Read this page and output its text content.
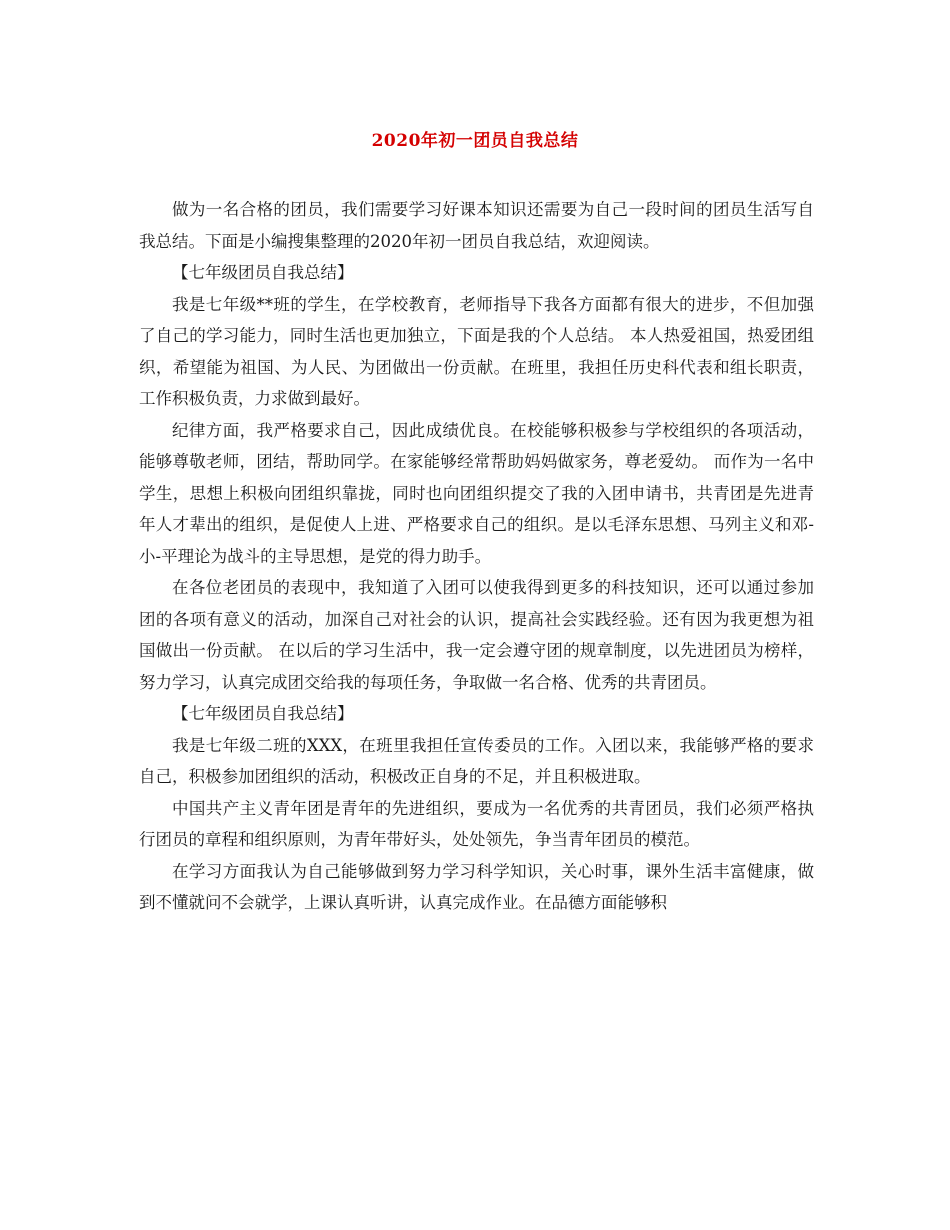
2020年初一团员自我总结

做为一名合格的团员，我们需要学习好课本知识还需要为自己一段时间的团员生活写自我总结。下面是小编搜集整理的2020年初一团员自我总结，欢迎阅读。

【七年级团员自我总结】

我是七年级**班的学生，在学校教育，老师指导下我各方面都有很大的进步，不但加强了自己的学习能力，同时生活也更加独立，下面是我的个人总结。 本人热爱祖国，热爱团组织，希望能为祖国、为人民、为团做出一份贡献。在班里，我担任历史科代表和组长职责，工作积极负责，力求做到最好。

纪律方面，我严格要求自己，因此成绩优良。在校能够积极参与学校组织的各项活动，能够尊敬老师，团结，帮助同学。在家能够经常帮助妈妈做家务，尊老爱幼。 而作为一名中学生，思想上积极向团组织靠拢，同时也向团组织提交了我的入团申请书，共青团是先进青年人才辈出的组织，是促使人上进、严格要求自己的组织。是以毛泽东思想、马列主义和邓-小-平理论为战斗的主导思想，是党的得力助手。

在各位老团员的表现中，我知道了入团可以使我得到更多的科技知识，还可以通过参加团的各项有意义的活动，加深自己对社会的认识，提高社会实践经验。还有因为我更想为祖国做出一份贡献。 在以后的学习生活中，我一定会遵守团的规章制度，以先进团员为榜样，努力学习，认真完成团交给我的每项任务，争取做一名合格、优秀的共青团员。

【七年级团员自我总结】

我是七年级二班的XXX，在班里我担任宣传委员的工作。入团以来，我能够严格的要求自己，积极参加团组织的活动，积极改正自身的不足，并且积极进取。

中国共产主义青年团是青年的先进组织，要成为一名优秀的共青团员，我们必须严格执行团员的章程和组织原则，为青年带好头，处处领先，争当青年团员的模范。

在学习方面我认为自己能够做到努力学习科学知识，关心时事，课外生活丰富健康，做到不懂就问不会就学，上课认真听讲，认真完成作业。在品德方面能够积
